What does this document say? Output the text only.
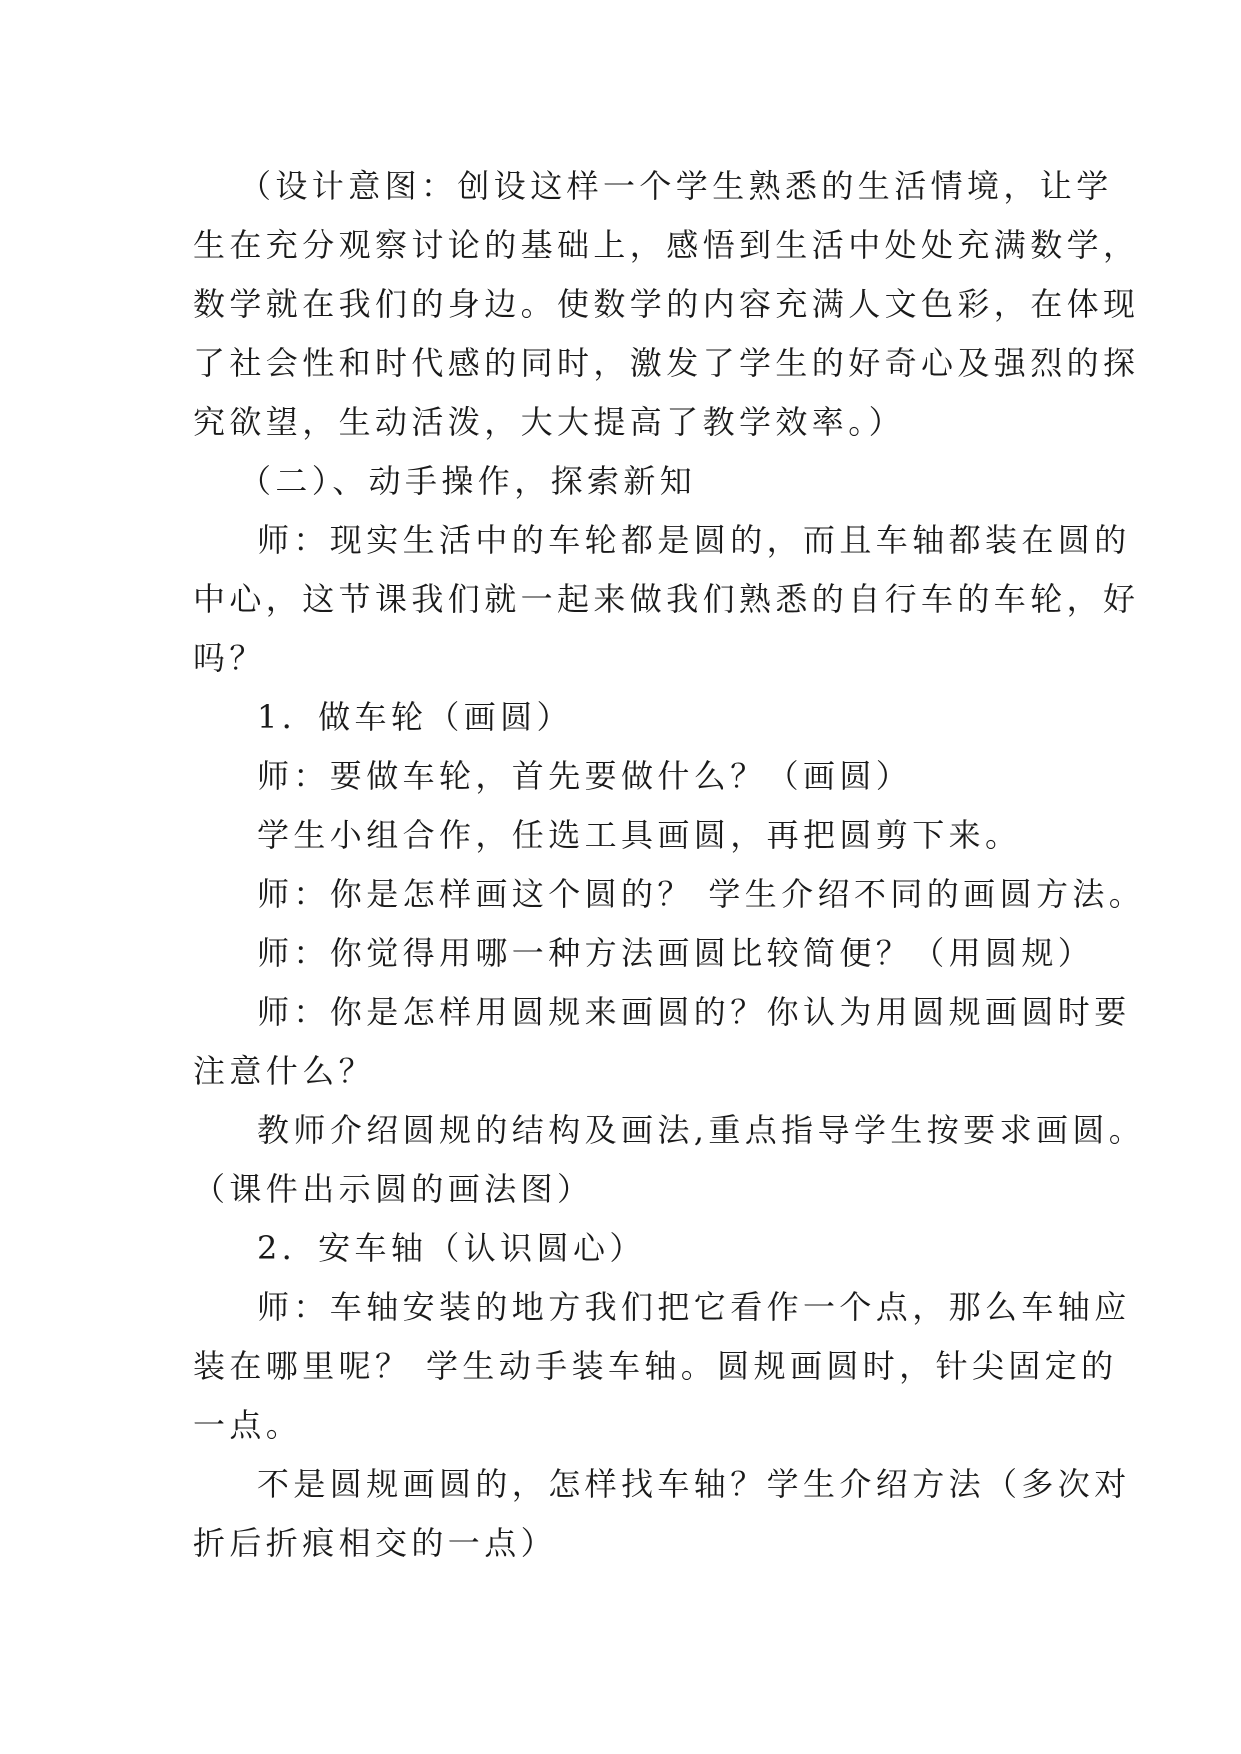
（设计意图：创设这样一个学生熟悉的生活情境，让学
生在充分观察讨论的基础上，感悟到生活中处处充满数学，
数学就在我们的身边。使数学的内容充满人文色彩，在体现
了社会性和时代感的同时，激发了学生的好奇心及强烈的探
究欲望，生动活泼，大大提高了教学效率。）
（二）、动手操作，探索新知
师：现实生活中的车轮都是圆的，而且车轴都装在圆的
中心，这节课我们就一起来做我们熟悉的自行车的车轮，好
吗？
1．做车轮（画圆）
师：要做车轮，首先要做什么？（画圆）
学生小组合作，任选工具画圆，再把圆剪下来。
师：你是怎样画这个圆的？ 学生介绍不同的画圆方法。
师：你觉得用哪一种方法画圆比较简便？（用圆规）
师：你是怎样用圆规来画圆的？你认为用圆规画圆时要
注意什么？
教师介绍圆规的结构及画法,重点指导学生按要求画圆。
（课件出示圆的画法图）
2．安车轴（认识圆心）
师：车轴安装的地方我们把它看作一个点，那么车轴应
装在哪里呢？ 学生动手装车轴。圆规画圆时，针尖固定的
一点。
不是圆规画圆的，怎样找车轴？学生介绍方法（多次对
折后折痕相交的一点）
